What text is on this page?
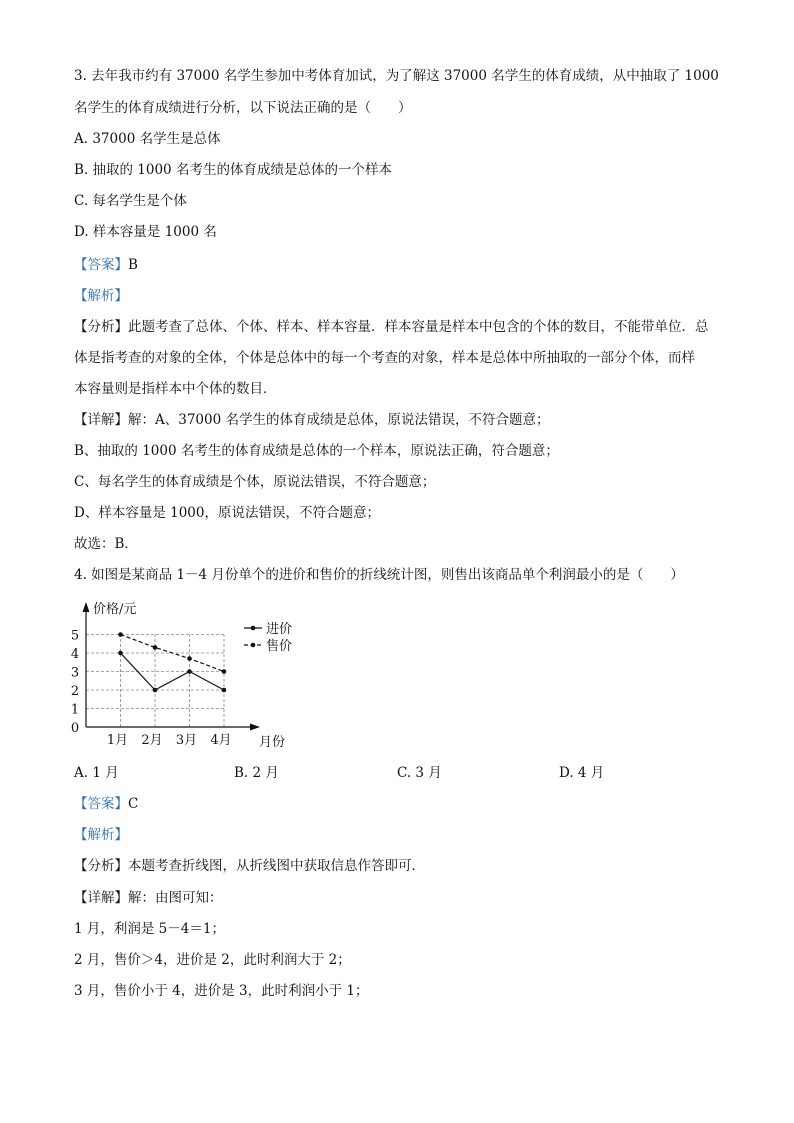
3. 去年我市约有 37000 名学生参加中考体育加试，为了解这 37000 名学生的体育成绩，从中抽取了 1000
名学生的体育成绩进行分析，以下说法正确的是（　　）
A. 37000 名学生是总体
B. 抽取的 1000 名考生的体育成绩是总体的一个样本
C. 每名学生是个体
D. 样本容量是 1000 名
【答案】B
【解析】
【分析】此题考查了总体、个体、样本、样本容量．样本容量是样本中包含的个体的数目，不能带单位．总
体是指考查的对象的全体，个体是总体中的每一个考查的对象，样本是总体中所抽取的一部分个体，而样
本容量则是指样本中个体的数目．
【详解】解：A、37000 名学生的体育成绩是总体，原说法错误，不符合题意；
B、抽取的 1000 名考生的体育成绩是总体的一个样本，原说法正确，符合题意；
C、每名学生的体育成绩是个体，原说法错误，不符合题意；
D、样本容量是 1000，原说法错误，不符合题意；
故选：B．
4. 如图是某商品 1－4 月份单个的进价和售价的折线统计图，则售出该商品单个利润最小的是（　　）
0
1
2
3
4
5
1月 2月 3月 4月
进价
售价
价格/元
月份
A. 1 月	B. 2 月	C. 3 月	D. 4 月
【答案】C
【解析】
【分析】本题考查折线图，从折线图中获取信息作答即可．
【详解】解：由图可知：
1 月，利润是 5－4＝1；
2 月，售价＞4，进价是 2，此时利润大于 2；
3 月，售价小于 4，进价是 3，此时利润小于 1；
